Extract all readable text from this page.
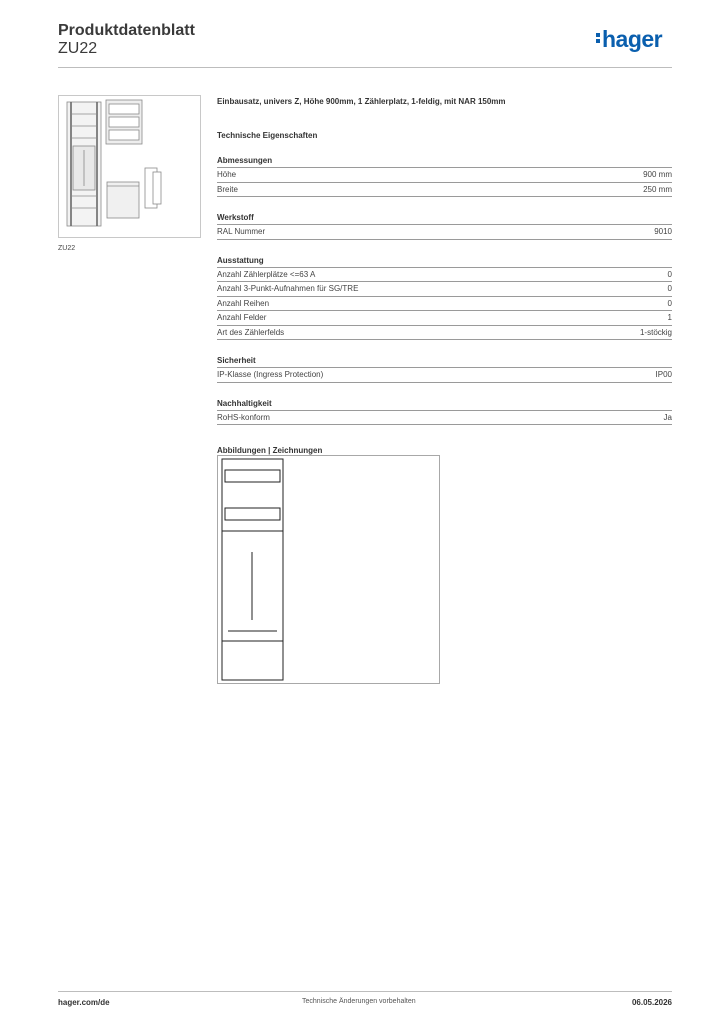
Produktdatenblatt
ZU22	hager
ZU22
Einbausatz, univers Z, Höhe 900mm, 1 Zählerplatz, 1-feldig, mit NAR 150mm
Technische Eigenschaften
Abmessungen
Höhe	900 mm
Breite	250 mm
Werkstoff
RAL Nummer	9010
Ausstattung
Anzahl Zählerplätze <=63 A	0
Anzahl 3-Punkt-Aufnahmen für SG/TRE	0
Anzahl Reihen	0
Anzahl Felder	1
Art des Zählerfelds	1-stöckig
Sicherheit
IP-Klasse (Ingress Protection)	IP00
Nachhaltigkeit
RoHS-konform	Ja
Abbildungen | Zeichnungen
hager.com/de	Technische Änderungen vorbehalten	06.05.2026
